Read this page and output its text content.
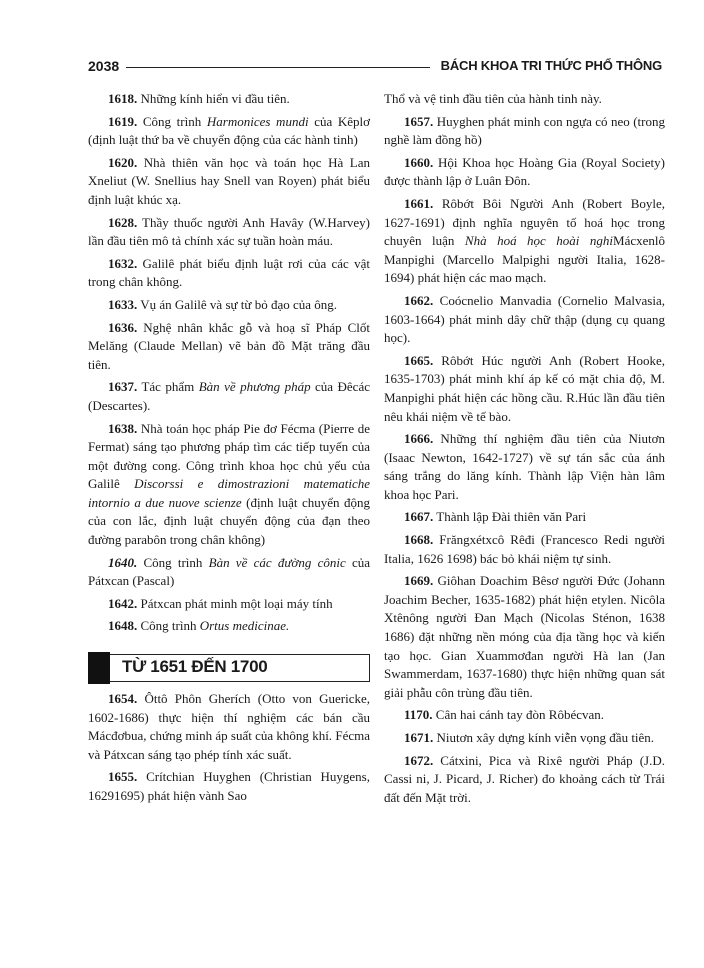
2038	BÁCH KHOA TRI THỨC PHỔ THÔNG

1618. Những kính hiển vi đầu tiên.

1619. Công trình Harmonices mundi của Kêplơ (định luật thứ ba về chuyển động của các hành tinh)

1620. Nhà thiên văn học và toán học Hà Lan Xneliut (W. Snellius hay Snell van Royen) phát biểu định luật khúc xạ.

1628. Thầy thuốc người Anh Havây (W.Harvey) lần đầu tiên mô tả chính xác sự tuần hoàn máu.

1632. Galilê phát biểu định luật rơi của các vật trong chân không.

1633. Vụ án Galilê và sự từ bỏ đạo của ông.

1636. Nghệ nhân khắc gỗ và hoạ sĩ Pháp Clốt Melăng (Claude Mellan) vẽ bản đồ Mặt trăng đầu tiên.

1637. Tác phẩm Bàn về phương pháp của Đêcác (Descartes).

1638. Nhà toán học pháp Pie đơ Fécma (Pierre de Fermat) sáng tạo phương pháp tìm các tiếp tuyến của một đường cong. Công trình khoa học chủ yếu của Galilê Discorssi e dimostrazioni matematiche intornio a due nuove scienze (định luật chuyển động của con lắc, định luật chuyển động của đạn theo đường parabôn trong chân không)

1640. Công trình Bàn về các đường cônic của Pátxcan (Pascal)

1642. Pátxcan phát minh một loại máy tính

1648. Công trình Ortus medicinae.

TỪ 1651 ĐẾN 1700

1654. Ôttô Phôn Gherích (Otto von Guericke, 1602-1686) thực hiện thí nghiệm các bán cầu Mácđơbua, chứng minh áp suất của không khí. Fécma và Pátxcan sáng tạo phép tính xác suất.

1655. Crítchian Huyghen (Christian Huygens, 16291695) phát hiện vành Sao

Thổ và vệ tinh đầu tiên của hành tinh này.

1657. Huyghen phát minh con ngựa có neo (trong nghề làm đồng hồ)

1660. Hội Khoa học Hoàng Gia (Royal Society) được thành lập ở Luân Đôn.

1661. Rôbớt Bôi Người Anh (Robert Boyle, 1627-1691) định nghĩa nguyên tố hoá học trong chuyên luận Nhà hoá học hoài nghiMácxenlô Manpighi (Marcello Malpighi người Italia, 1628-1694) phát hiện các mao mạch.

1662. Coócnelio Manvadia (Cornelio Malvasia, 1603-1664) phát minh dây chữ thập (dụng cụ quang học).

1665. Rôbớt Húc người Anh (Robert Hooke, 1635-1703) phát minh khí áp kế có mặt chia độ, M. Manpighi phát hiện các hồng cầu. R.Húc lần đầu tiên nêu khái niệm về tế bào.

1666. Những thí nghiệm đầu tiên của Niutơn (Isaac Newton, 1642-1727) về sự tán sắc của ánh sáng trắng do lăng kính. Thành lập Viện hàn lâm khoa học Pari.

1667. Thành lập Đài thiên văn Pari

1668. Frăngxétxcô Rêđi (Francesco Redi người Italia, 1626 1698) bác bỏ khái niệm tự sinh.

1669. Giôhan Doachim Bêsơ người Đức (Johann Joachim Becher, 1635-1682) phát hiện etylen. Nicôla Xtênông người Đan Mạch (Nicolas Sténon, 1638 1686) đặt những nền móng của địa tầng học và kiến tạo học. Gian Xuammơđan người Hà lan (Jan Swammerdam, 1637-1680) thực hiện những quan sát giải phẫu côn trùng đầu tiên.

1170. Cân hai cánh tay đòn Rôbécvan.

1671. Niutơn xây dựng kính viễn vọng đầu tiên.

1672. Cátxini, Pica và Rixê người Pháp (J.D. Cassi ni, J. Picard, J. Richer) đo khoảng cách từ Trái đất đến Mặt trời.
